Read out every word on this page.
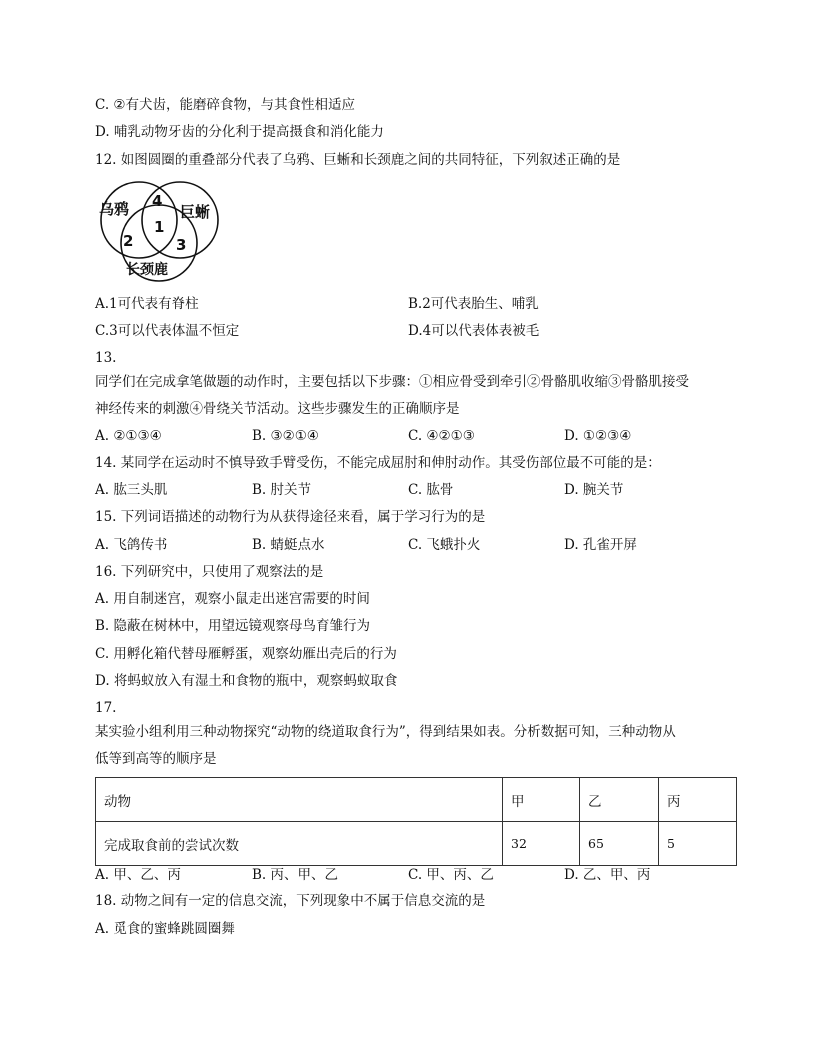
C. ②有犬齿，能磨碎食物，与其食性相适应
D. 哺乳动物牙齿的分化利于提高摄食和消化能力
12. 如图圆圈的重叠部分代表了乌鸦、巨蜥和长颈鹿之间的共同特征，下列叙述正确的是
乌鸦	巨蜥
长颈鹿
4
1
2	3
A.1可代表有脊柱	B.2可代表胎生、哺乳
C.3可以代表体温不恒定	D.4可以代表体表被毛
13.
同学们在完成拿笔做题的动作时，主要包括以下步骤：①相应骨受到牵引②骨骼肌收缩③骨骼肌接受
神经传来的刺激④骨绕关节活动。这些步骤发生的正确顺序是
A. ②①③④	B. ③②①④	C. ④②①③	D. ①②③④
14. 某同学在运动时不慎导致手臂受伤，不能完成屈肘和伸肘动作。其受伤部位最不可能的是：
A. 肱三头肌	B. 肘关节	C. 肱骨	D. 腕关节
15. 下列词语描述的动物行为从获得途径来看，属于学习行为的是
A. 飞鸽传书	B. 蜻蜓点水	C. 飞蛾扑火	D. 孔雀开屏
16. 下列研究中，只使用了观察法的是
A. 用自制迷宫，观察小鼠走出迷宫需要的时间
B. 隐蔽在树林中，用望远镜观察母鸟育雏行为
C. 用孵化箱代替母雁孵蛋，观察幼雁出壳后的行为
D. 将蚂蚁放入有湿土和食物的瓶中，观察蚂蚁取食
17.
某实验小组利用三种动物探究“动物的绕道取食行为”，得到结果如表。分析数据可知，三种动物从
低等到高等的顺序是
动物	甲	乙	丙
完成取食前的尝试次数	32	65	5
A. 甲、乙、丙	B. 丙、甲、乙	C. 甲、丙、乙	D. 乙、甲、丙
18. 动物之间有一定的信息交流，下列现象中不属于信息交流的是
A. 觅食的蜜蜂跳圆圈舞
